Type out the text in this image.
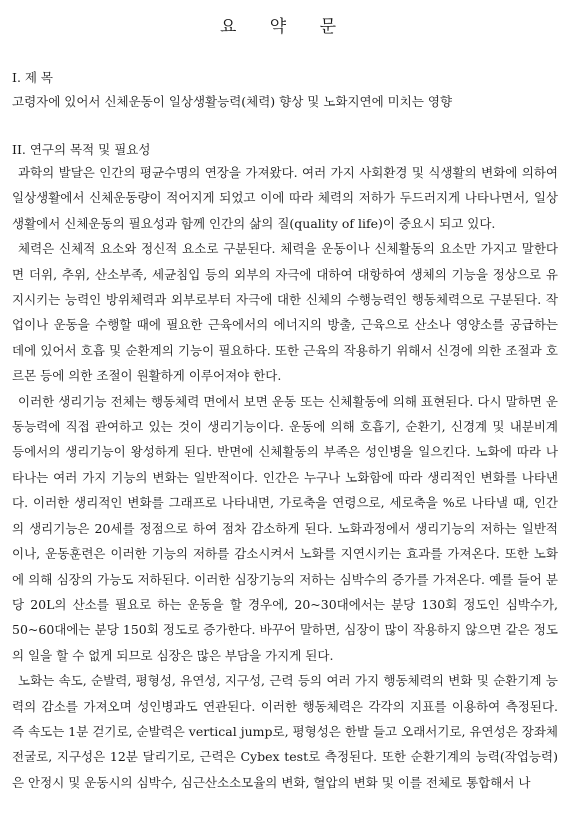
요 약 문
I. 제 목
고령자에 있어서 신체운동이 일상생활능력(체력) 향상 및 노화지연에 미치는 영향
II. 연구의 목적 및 필요성

과학의 발달은 인간의 평균수명의 연장을 가져왔다. 여러 가지 사회환경 및 식생활의 변화에 의하여 일상생활에서 신체운동량이 적어지게 되었고 이에 따라 체력의 저하가 두드러지게 나타나면서, 일상생활에서 신체운동의 필요성과 함께 인간의 삶의 질(quality of life)이 중요시 되고 있다.

체력은 신체적 요소와 정신적 요소로 구분된다. 체력을 운동이나 신체활동의 요소만 가지고 말한다면 더위, 추위, 산소부족, 세균침입 등의 외부의 자극에 대하여 대항하여 생체의 기능을 정상으로 유지시키는 능력인 방위체력과 외부로부터 자극에 대한 신체의 수행능력인 행동체력으로 구분된다. 작업이나 운동을 수행할 때에 필요한 근육에서의 에너지의 방출, 근육으로 산소나 영양소를 공급하는 데에 있어서 호흡 및 순환계의 기능이 필요하다. 또한 근육의 작용하기 위해서 신경에 의한 조절과 호르몬 등에 의한 조절이 원활하게 이루어져야 한다.

이러한 생리기능 전체는 행동체력 면에서 보면 운동 또는 신체활동에 의해 표현된다. 다시 말하면 운동능력에 직접 관여하고 있는 것이 생리기능이다. 운동에 의해 호흡기, 순환기, 신경계 및 내분비계 등에서의 생리기능이 왕성하게 된다. 반면에 신체활동의 부족은 성인병을 일으킨다. 노화에 따라 나타나는 여러 가지 기능의 변화는 일반적이다. 인간은 누구나 노화함에 따라 생리적인 변화를 나타낸다. 이러한 생리적인 변화를 그래프로 나타내면, 가로축을 연령으로, 세로축을 %로 나타낼 때, 인간의 생리기능은 20세를 정점으로 하여 점차 감소하게 된다. 노화과정에서 생리기능의 저하는 일반적이나, 운동훈련은 이러한 기능의 저하를 감소시켜서 노화를 지연시키는 효과를 가져온다. 또한 노화에 의해 심장의 가능도 저하된다. 이러한 심장기능의 저하는 심박수의 증가를 가져온다. 예를 들어 분당 20L의 산소를 필요로 하는 운동을 할 경우에, 20~30대에서는 분당 130회 정도인 심박수가, 50~60대에는 분당 150회 정도로 증가한다. 바꾸어 말하면, 심장이 많이 작용하지 않으면 같은 정도의 일을 할 수 없게 되므로 심장은 많은 부담을 가지게 된다.

노화는 속도, 순발력, 평형성, 유연성, 지구성, 근력 등의 여러 가지 행동체력의 변화 및 순환기계 능력의 감소를 가져오며 성인병과도 연관된다. 이러한 행동체력은 각각의 지표를 이용하여 측정된다. 즉 속도는 1분 걷기로, 순발력은 vertical jump로, 평형성은 한발 들고 오래서기로, 유연성은 장좌체 전굴로, 지구성은 12분 달리기로, 근력은 Cybex test로 측정된다. 또한 순환기계의 능력(작업능력)은 안정시 및 운동시의 심박수, 심근산소소모율의 변화, 혈압의 변화 및 이를 전체로 통합해서 나
